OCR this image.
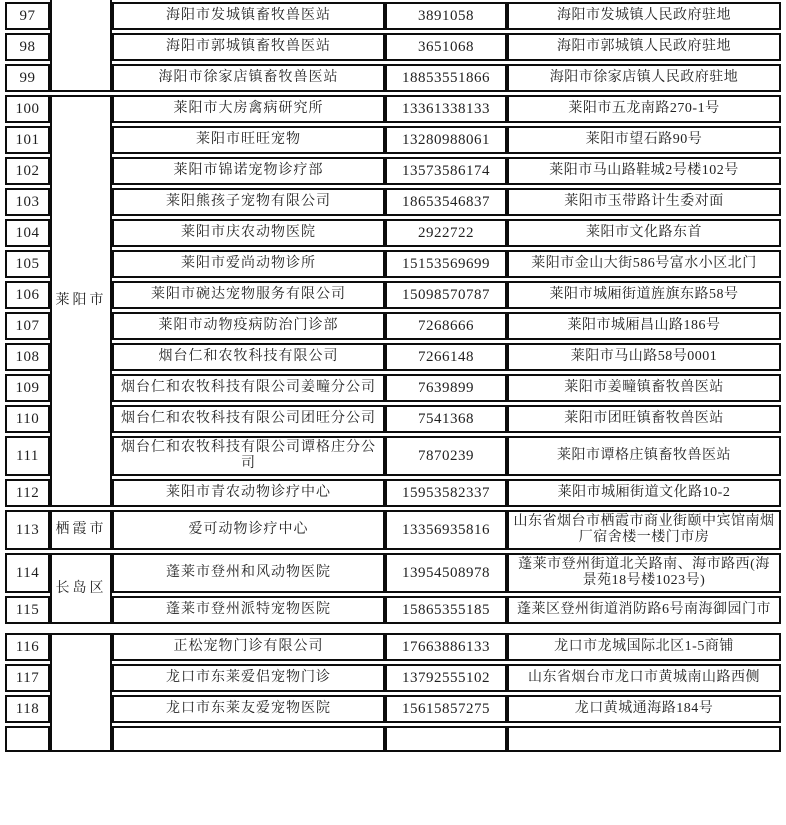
97		海阳市发城镇畜牧兽医站	3891058	海阳市发城镇人民政府驻地
98		海阳市郭城镇畜牧兽医站	3651068	海阳市郭城镇人民政府驻地
99		海阳市徐家店镇畜牧兽医站	18853551866	海阳市徐家店镇人民政府驻地
100	莱阳市	莱阳市大房禽病研究所	13361338133	莱阳市五龙南路270-1号
101		莱阳市旺旺宠物	13280988061	莱阳市望石路90号
102		莱阳市锦诺宠物诊疗部	13573586174	莱阳市马山路鞋城2号楼102号
103		莱阳熊孩子宠物有限公司	18653546837	莱阳市玉带路计生委对面
104		莱阳市庆农动物医院	2922722	莱阳市文化路东首
105		莱阳市爱尚动物诊所	15153569699	莱阳市金山大街586号富水小区北门
106		莱阳市碗达宠物服务有限公司	15098570787	莱阳市城厢街道旌旗东路58号
107		莱阳市动物疫病防治门诊部	7268666	莱阳市城厢昌山路186号
108		烟台仁和农牧科技有限公司	7266148	莱阳市马山路58号0001
109		烟台仁和农牧科技有限公司姜疃分公司	7639899	莱阳市姜疃镇畜牧兽医站
110		烟台仁和农牧科技有限公司团旺分公司	7541368	莱阳市团旺镇畜牧兽医站
111		烟台仁和农牧科技有限公司谭格庄分公司	7870239	莱阳市谭格庄镇畜牧兽医站
112		莱阳市青农动物诊疗中心	15953582337	莱阳市城厢街道文化路10-2
113	栖霞市	爱可动物诊疗中心	13356935816	山东省烟台市栖霞市商业街颐中宾馆南烟厂宿舍楼一楼门市房
114	长岛区	蓬莱市登州和风动物医院	13954508978	蓬莱市登州街道北关路南、海市路西(海景苑18号楼1023号)
115		蓬莱市登州派特宠物医院	15865355185	蓬莱区登州街道消防路6号南海御园门市

116		正松宠物门诊有限公司	17663886133	龙口市龙城国际北区1-5商铺
117		龙口市东莱爱侣宠物门诊	13792555102	山东省烟台市龙口市黄城南山路西侧
118		龙口市东莱友爱宠物医院	15615857275	龙口黄城通海路184号
